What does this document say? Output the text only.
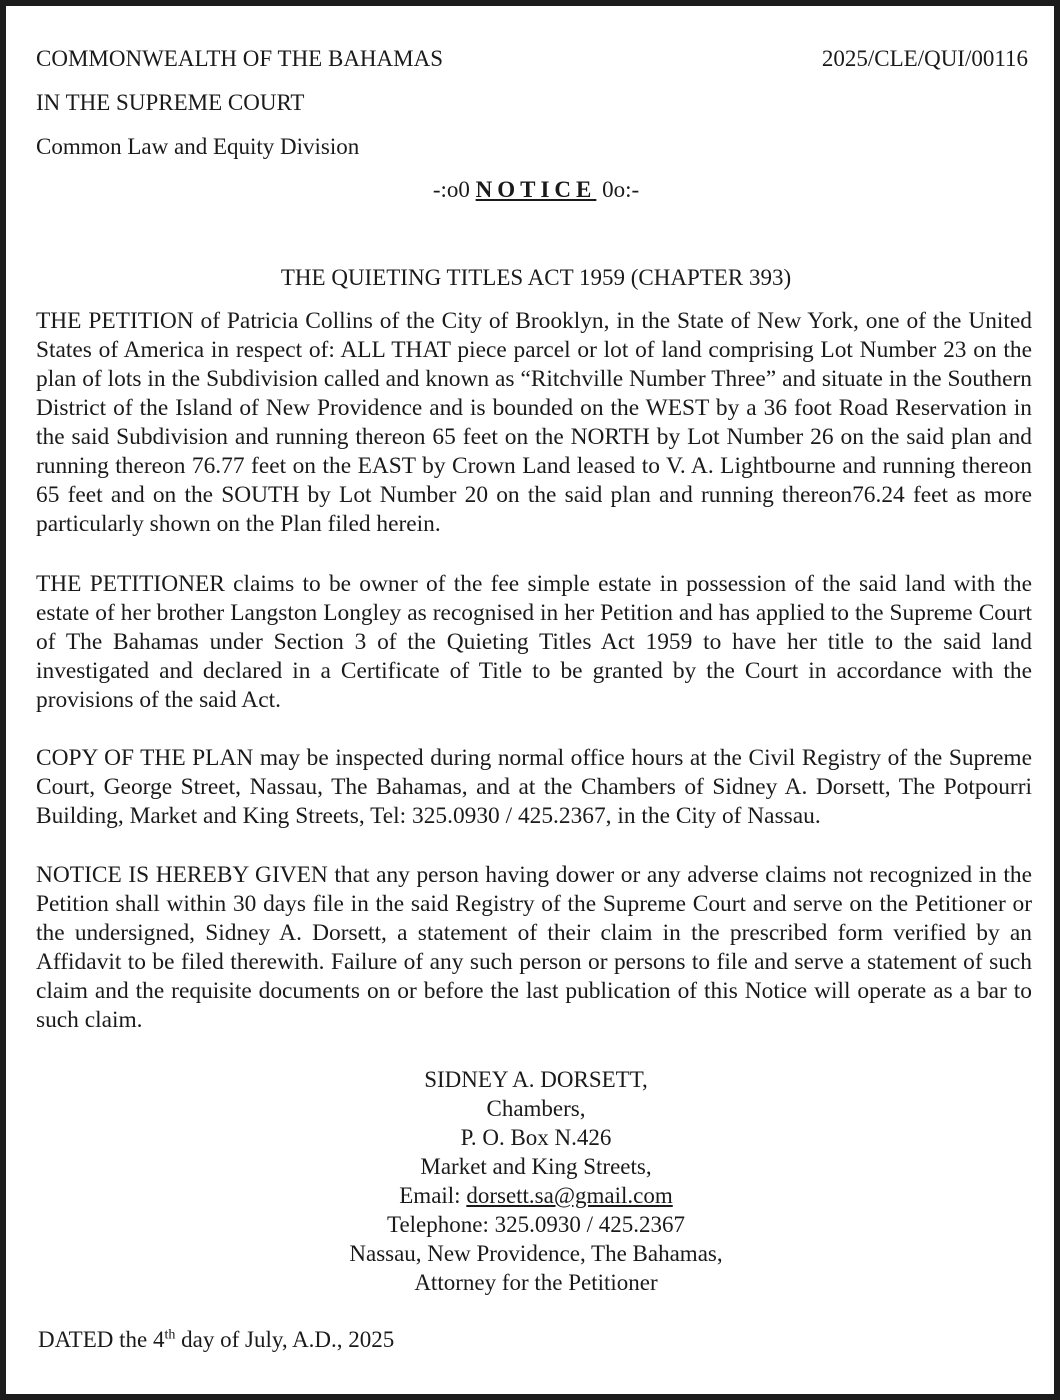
COMMONWEALTH OF THE BAHAMAS	2025/CLE/QUI/00116
IN THE SUPREME COURT
Common Law and Equity Division
-:o0 NOTICE 0o:-
THE QUIETING TITLES ACT 1959 (CHAPTER 393)

THE PETITION of Patricia Collins of the City of Brooklyn, in the State of New York, one of the United States of America in respect of: ALL THAT piece parcel or lot of land comprising Lot Number 23 on the plan of lots in the Subdivision called and known as “Ritchville Number Three” and situate in the Southern District of the Island of New Providence and is bounded on the WEST by a 36 foot Road Reservation in the said Subdivision and running thereon 65 feet on the NORTH by Lot Number 26 on the said plan and running thereon 76.77 feet on the EAST by Crown Land leased to V. A. Lightbourne and running thereon 65 feet and on the SOUTH by Lot Number 20 on the said plan and running thereon76.24 feet as more particularly shown on the Plan filed herein.

THE PETITIONER claims to be owner of the fee simple estate in possession of the said land with the estate of her brother Langston Longley as recognised in her Petition and has applied to the Supreme Court of The Bahamas under Section 3 of the Quieting Titles Act 1959 to have her title to the said land investigated and declared in a Certificate of Title to be granted by the Court in accordance with the provisions of the said Act.

COPY OF THE PLAN may be inspected during normal office hours at the Civil Registry of the Supreme Court, George Street, Nassau, The Bahamas, and at the Chambers of Sidney A. Dorsett, The Potpourri Building, Market and King Streets, Tel: 325.0930 / 425.2367, in the City of Nassau.

NOTICE IS HEREBY GIVEN that any person having dower or any adverse claims not recognized in the Petition shall within 30 days file in the said Registry of the Supreme Court and serve on the Petitioner or the undersigned, Sidney A. Dorsett, a statement of their claim in the prescribed form verified by an Affidavit to be filed therewith. Failure of any such person or persons to file and serve a statement of such claim and the requisite documents on or before the last publication of this Notice will operate as a bar to such claim.

SIDNEY A. DORSETT,
Chambers,
P. O. Box N.426
Market and King Streets,
Email: dorsett.sa@gmail.com
Telephone: 325.0930 / 425.2367
Nassau, New Providence, The Bahamas,
Attorney for the Petitioner
DATED the 4th day of July, A.D., 2025
